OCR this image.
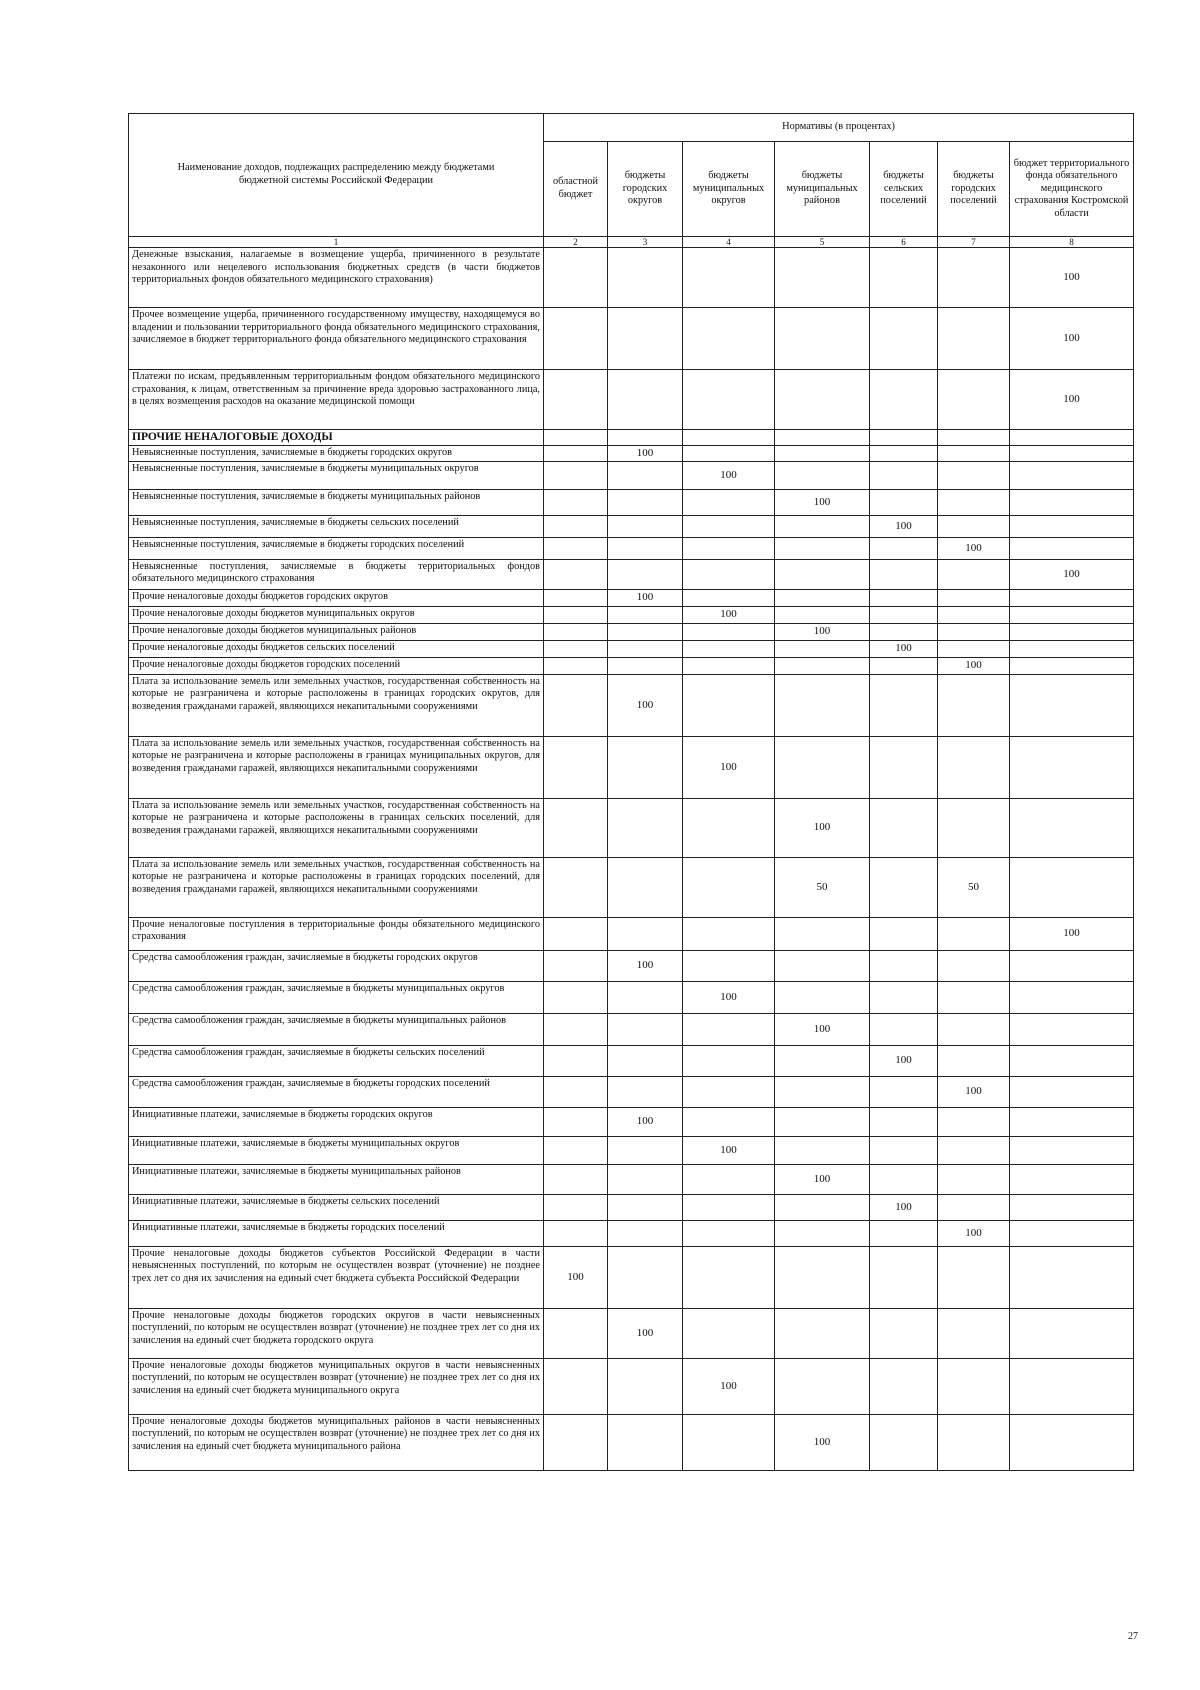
Наименование доходов, подлежащих распределению между бюджетами бюджетной системы Российской Федерации	Нормативы (в процентах)						
	областной бюджет	бюджеты городских округов	бюджеты муниципальных округов	бюджеты муниципальных районов	бюджеты сельских поселений	бюджеты городских поселений	бюджет территориального фонда обязательного медицинского страхования Костромской области
1	2	3	4	5	6	7	8
Денежные взыскания, налагаемые в возмещение ущерба, причиненного в результате незаконного или нецелевого использования бюджетных средств (в части бюджетов территориальных фондов обязательного медицинского страхования)							100
Прочее возмещение ущерба, причиненного государственному имуществу, находящемуся во владении и пользовании территориального фонда обязательного медицинского страхования, зачисляемое в бюджет территориального фонда обязательного медицинского страхования							100
Платежи по искам, предъявленным территориальным фондом обязательного медицинского страхования, к лицам, ответственным за причинение вреда здоровью застрахованного лица, в целях возмещения расходов на оказание медицинской помощи							100
ПРОЧИЕ НЕНАЛОГОВЫЕ ДОХОДЫ							
Невыясненные поступления, зачисляемые в бюджеты городских округов		100					
Невыясненные поступления, зачисляемые в бюджеты муниципальных округов			100				
Невыясненные поступления, зачисляемые в бюджеты муниципальных районов				100			
Невыясненные поступления, зачисляемые в бюджеты сельских поселений					100		
Невыясненные поступления, зачисляемые в бюджеты городских поселений						100	
Невыясненные поступления, зачисляемые в бюджеты территориальных фондов обязательного медицинского страхования							100
Прочие неналоговые доходы бюджетов городских округов		100					
Прочие неналоговые доходы бюджетов муниципальных округов			100				
Прочие неналоговые доходы бюджетов муниципальных районов				100			
Прочие неналоговые доходы бюджетов сельских поселений					100		
Прочие неналоговые доходы бюджетов городских поселений						100	
Плата за использование земель или земельных участков, государственная собственность на которые не разграничена и которые расположены в границах городских округов, для возведения гражданами гаражей, являющихся некапитальными сооружениями		100					
Плата за использование земель или земельных участков, государственная собственность на которые не разграничена и которые расположены в границах муниципальных округов, для возведения гражданами гаражей, являющихся некапитальными сооружениями			100				
Плата за использование земель или земельных участков, государственная собственность на которые не разграничена и которые расположены в границах сельских поселений, для возведения гражданами гаражей, являющихся некапитальными сооружениями				100			
Плата за использование земель или земельных участков, государственная собственность на которые не разграничена и которые расположены в границах городских поселений, для возведения гражданами гаражей, являющихся некапитальными сооружениями				50		50	
Прочие неналоговые поступления в территориальные фонды обязательного медицинского страхования							100
Средства самообложения граждан, зачисляемые в бюджеты городских округов		100					
Средства самообложения граждан, зачисляемые в бюджеты муниципальных округов			100				
Средства самообложения граждан, зачисляемые в бюджеты муниципальных районов				100			
Средства самообложения граждан, зачисляемые в бюджеты сельских поселений					100		
Средства самообложения граждан, зачисляемые в бюджеты городских поселений						100	
Инициативные платежи, зачисляемые в бюджеты городских округов		100					
Инициативные платежи, зачисляемые в бюджеты муниципальных округов			100				
Инициативные платежи, зачисляемые в бюджеты муниципальных районов				100			
Инициативные платежи, зачисляемые в бюджеты сельских поселений					100		
Инициативные платежи, зачисляемые в бюджеты городских поселений						100	
Прочие неналоговые доходы бюджетов субъектов Российской Федерации в части невыясненных поступлений, по которым не осуществлен возврат (уточнение) не позднее трех лет со дня их зачисления на единый счет бюджета субъекта Российской Федерации	100						
Прочие неналоговые доходы бюджетов городских округов в части невыясненных поступлений, по которым не осуществлен возврат (уточнение) не позднее трех лет со дня их зачисления на единый счет бюджета городского округа		100					
Прочие неналоговые доходы бюджетов муниципальных округов в части невыясненных поступлений, по которым не осуществлен возврат (уточнение) не позднее трех лет со дня их зачисления на единый счет бюджета муниципального округа			100				
Прочие неналоговые доходы бюджетов муниципальных районов в части невыясненных поступлений, по которым не осуществлен возврат (уточнение) не позднее трех лет со дня их зачисления на единый счет бюджета муниципального района				100			
27
